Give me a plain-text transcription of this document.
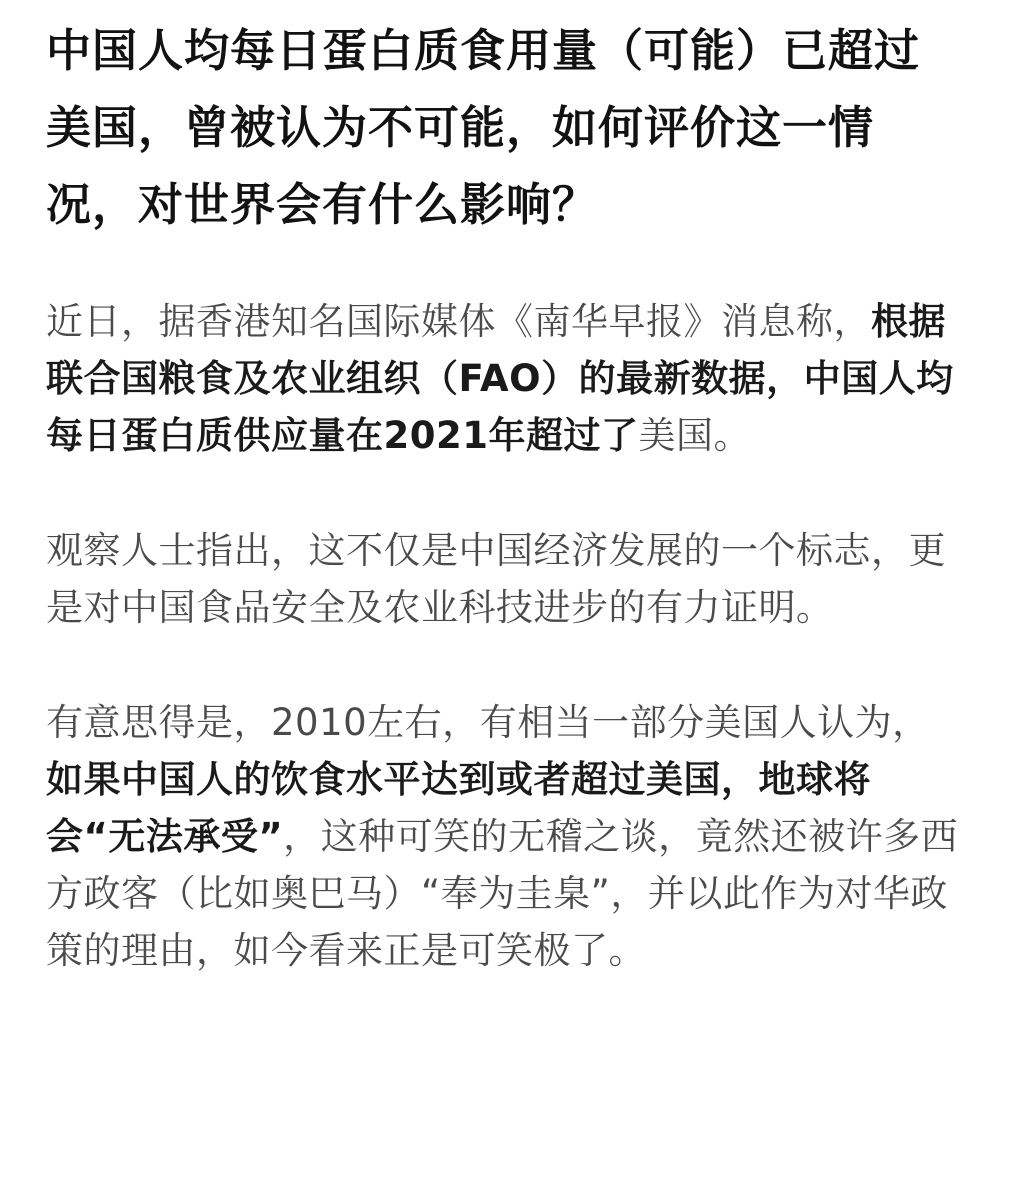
中国人均每日蛋白质食用量（可能）已超过美国，曾被认为不可能，如何评价这一情况，对世界会有什么影响？

近日，据香港知名国际媒体《南华早报》消息称，根据联合国粮食及农业组织（FAO）的最新数据，中国人均每日蛋白质供应量在2021年超过了美国。

观察人士指出，这不仅是中国经济发展的一个标志，更是对中国食品安全及农业科技进步的有力证明。

有意思得是，2010左右，有相当一部分美国人认为，如果中国人的饮食水平达到或者超过美国，地球将会“无法承受”，这种可笑的无稽之谈，竟然还被许多西方政客（比如奥巴马）“奉为圭臬”，并以此作为对华政策的理由，如今看来正是可笑极了。
